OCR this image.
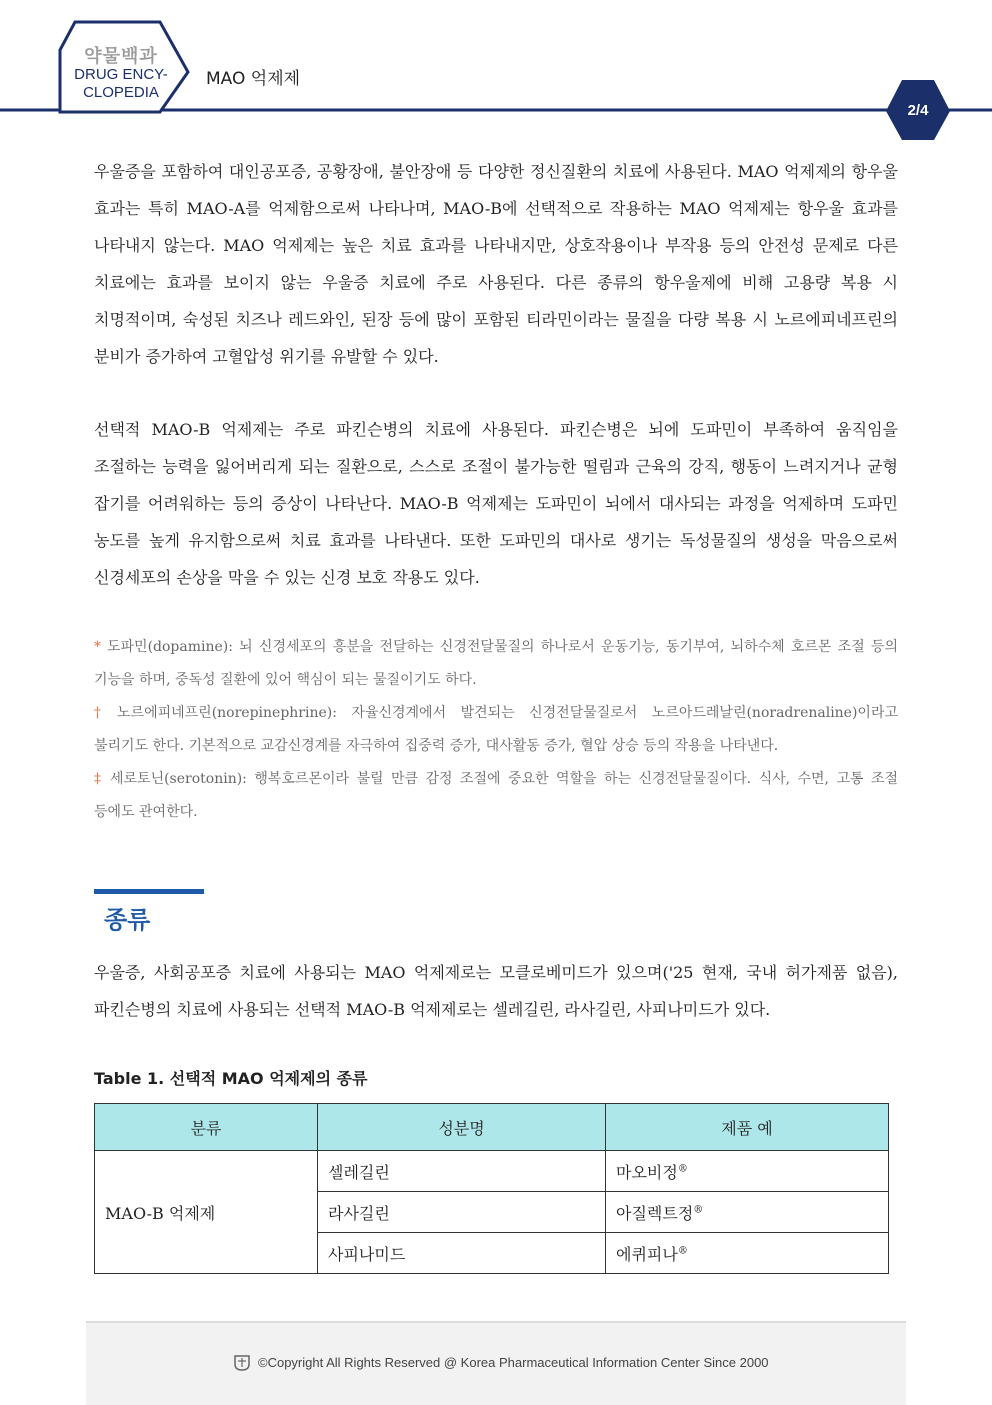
약물백과
DRUG ENCY-
CLOPEDIA
MAO 억제제
2/4

우울증을 포함하여 대인공포증, 공황장애, 불안장애 등 다양한 정신질환의 치료에 사용된다. MAO 억제제의 항우울 효과는 특히 MAO-A를 억제함으로써 나타나며, MAO-B에 선택적으로 작용하는 MAO 억제제는 항우울 효과를 나타내지 않는다. MAO 억제제는 높은 치료 효과를 나타내지만, 상호작용이나 부작용 등의 안전성 문제로 다른 치료에는 효과를 보이지 않는 우울증 치료에 주로 사용된다. 다른 종류의 항우울제에 비해 고용량 복용 시 치명적이며, 숙성된 치즈나 레드와인, 된장 등에 많이 포함된 티라민이라는 물질을 다량 복용 시 노르에피네프린의 분비가 증가하여 고혈압성 위기를 유발할 수 있다.

선택적 MAO-B 억제제는 주로 파킨슨병의 치료에 사용된다. 파킨슨병은 뇌에 도파민이 부족하여 움직임을 조절하는 능력을 잃어버리게 되는 질환으로, 스스로 조절이 불가능한 떨림과 근육의 강직, 행동이 느려지거나 균형 잡기를 어려워하는 등의 증상이 나타난다. MAO-B 억제제는 도파민이 뇌에서 대사되는 과정을 억제하며 도파민 농도를 높게 유지함으로써 치료 효과를 나타낸다. 또한 도파민의 대사로 생기는 독성물질의 생성을 막음으로써 신경세포의 손상을 막을 수 있는 신경 보호 작용도 있다.

* 도파민(dopamine): 뇌 신경세포의 흥분을 전달하는 신경전달물질의 하나로서 운동기능, 동기부여, 뇌하수체 호르몬 조절 등의 기능을 하며, 중독성 질환에 있어 핵심이 되는 물질이기도 하다.

† 노르에피네프린(norepinephrine): 자율신경계에서 발견되는 신경전달물질로서 노르아드레날린(noradrenaline)이라고 불리기도 한다. 기본적으로 교감신경계를 자극하여 집중력 증가, 대사활동 증가, 혈압 상승 등의 작용을 나타낸다.

‡ 세로토닌(serotonin): 행복호르몬이라 불릴 만큼 감정 조절에 중요한 역할을 하는 신경전달물질이다. 식사, 수면, 고통 조절 등에도 관여한다.

종류

우울증, 사회공포증 치료에 사용되는 MAO 억제제로는 모클로베미드가 있으며('25 현재, 국내 허가제품 없음), 파킨슨병의 치료에 사용되는 선택적 MAO-B 억제제로는 셀레길린, 라사길린, 사피나미드가 있다.

Table 1. 선택적 MAO 억제제의 종류
분류	성분명	제품 예
MAO-B 억제제	셀레길린	마오비정®
	라사길린	아질렉트정®
	사피나미드	에퀴피나®
©Copyright All Rights Reserved @ Korea Pharmaceutical Information Center Since 2000
